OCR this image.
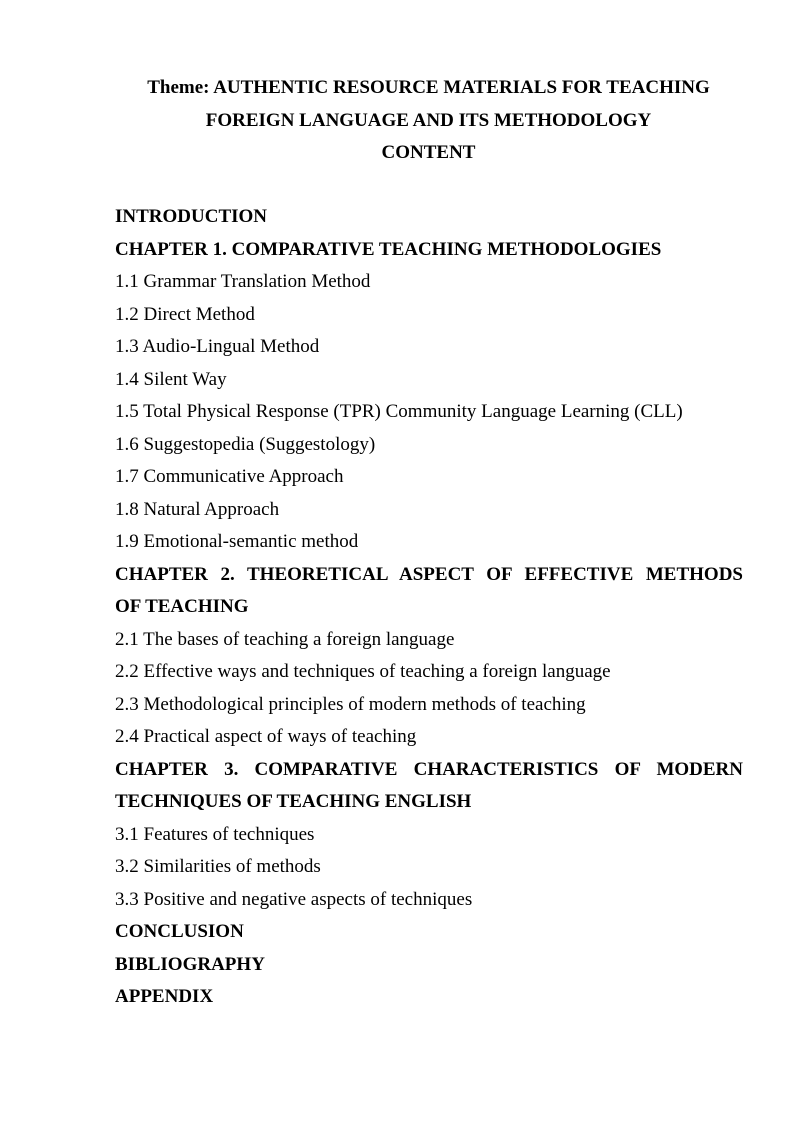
Theme: AUTHENTIC RESOURCE MATERIALS FOR TEACHING
FOREIGN LANGUAGE AND ITS METHODOLOGY
CONTENT
INTRODUCTION
CHAPTER 1. COMPARATIVE TEACHING METHODOLOGIES
1.1 Grammar Translation Method
1.2 Direct Method
1.3 Audio-Lingual Method
1.4 Silent Way
1.5 Total Physical Response (TPR) Community Language Learning (CLL)
1.6 Suggestopedia (Suggestology)
1.7 Communicative Approach
1.8 Natural Approach
1.9 Emotional-semantic method
CHAPTER 2. THEORETICAL ASPECT OF EFFECTIVE METHODS
OF TEACHING
2.1 The bases of teaching a foreign language
2.2 Effective ways and techniques of teaching a foreign language
2.3 Methodological principles of modern methods of teaching
2.4 Practical aspect of ways of teaching
CHAPTER 3. COMPARATIVE CHARACTERISTICS OF MODERN
TECHNIQUES OF TEACHING ENGLISH
3.1 Features of techniques
3.2 Similarities of methods
3.3 Positive and negative aspects of techniques
CONCLUSION
BIBLIOGRAPHY
APPENDIX
